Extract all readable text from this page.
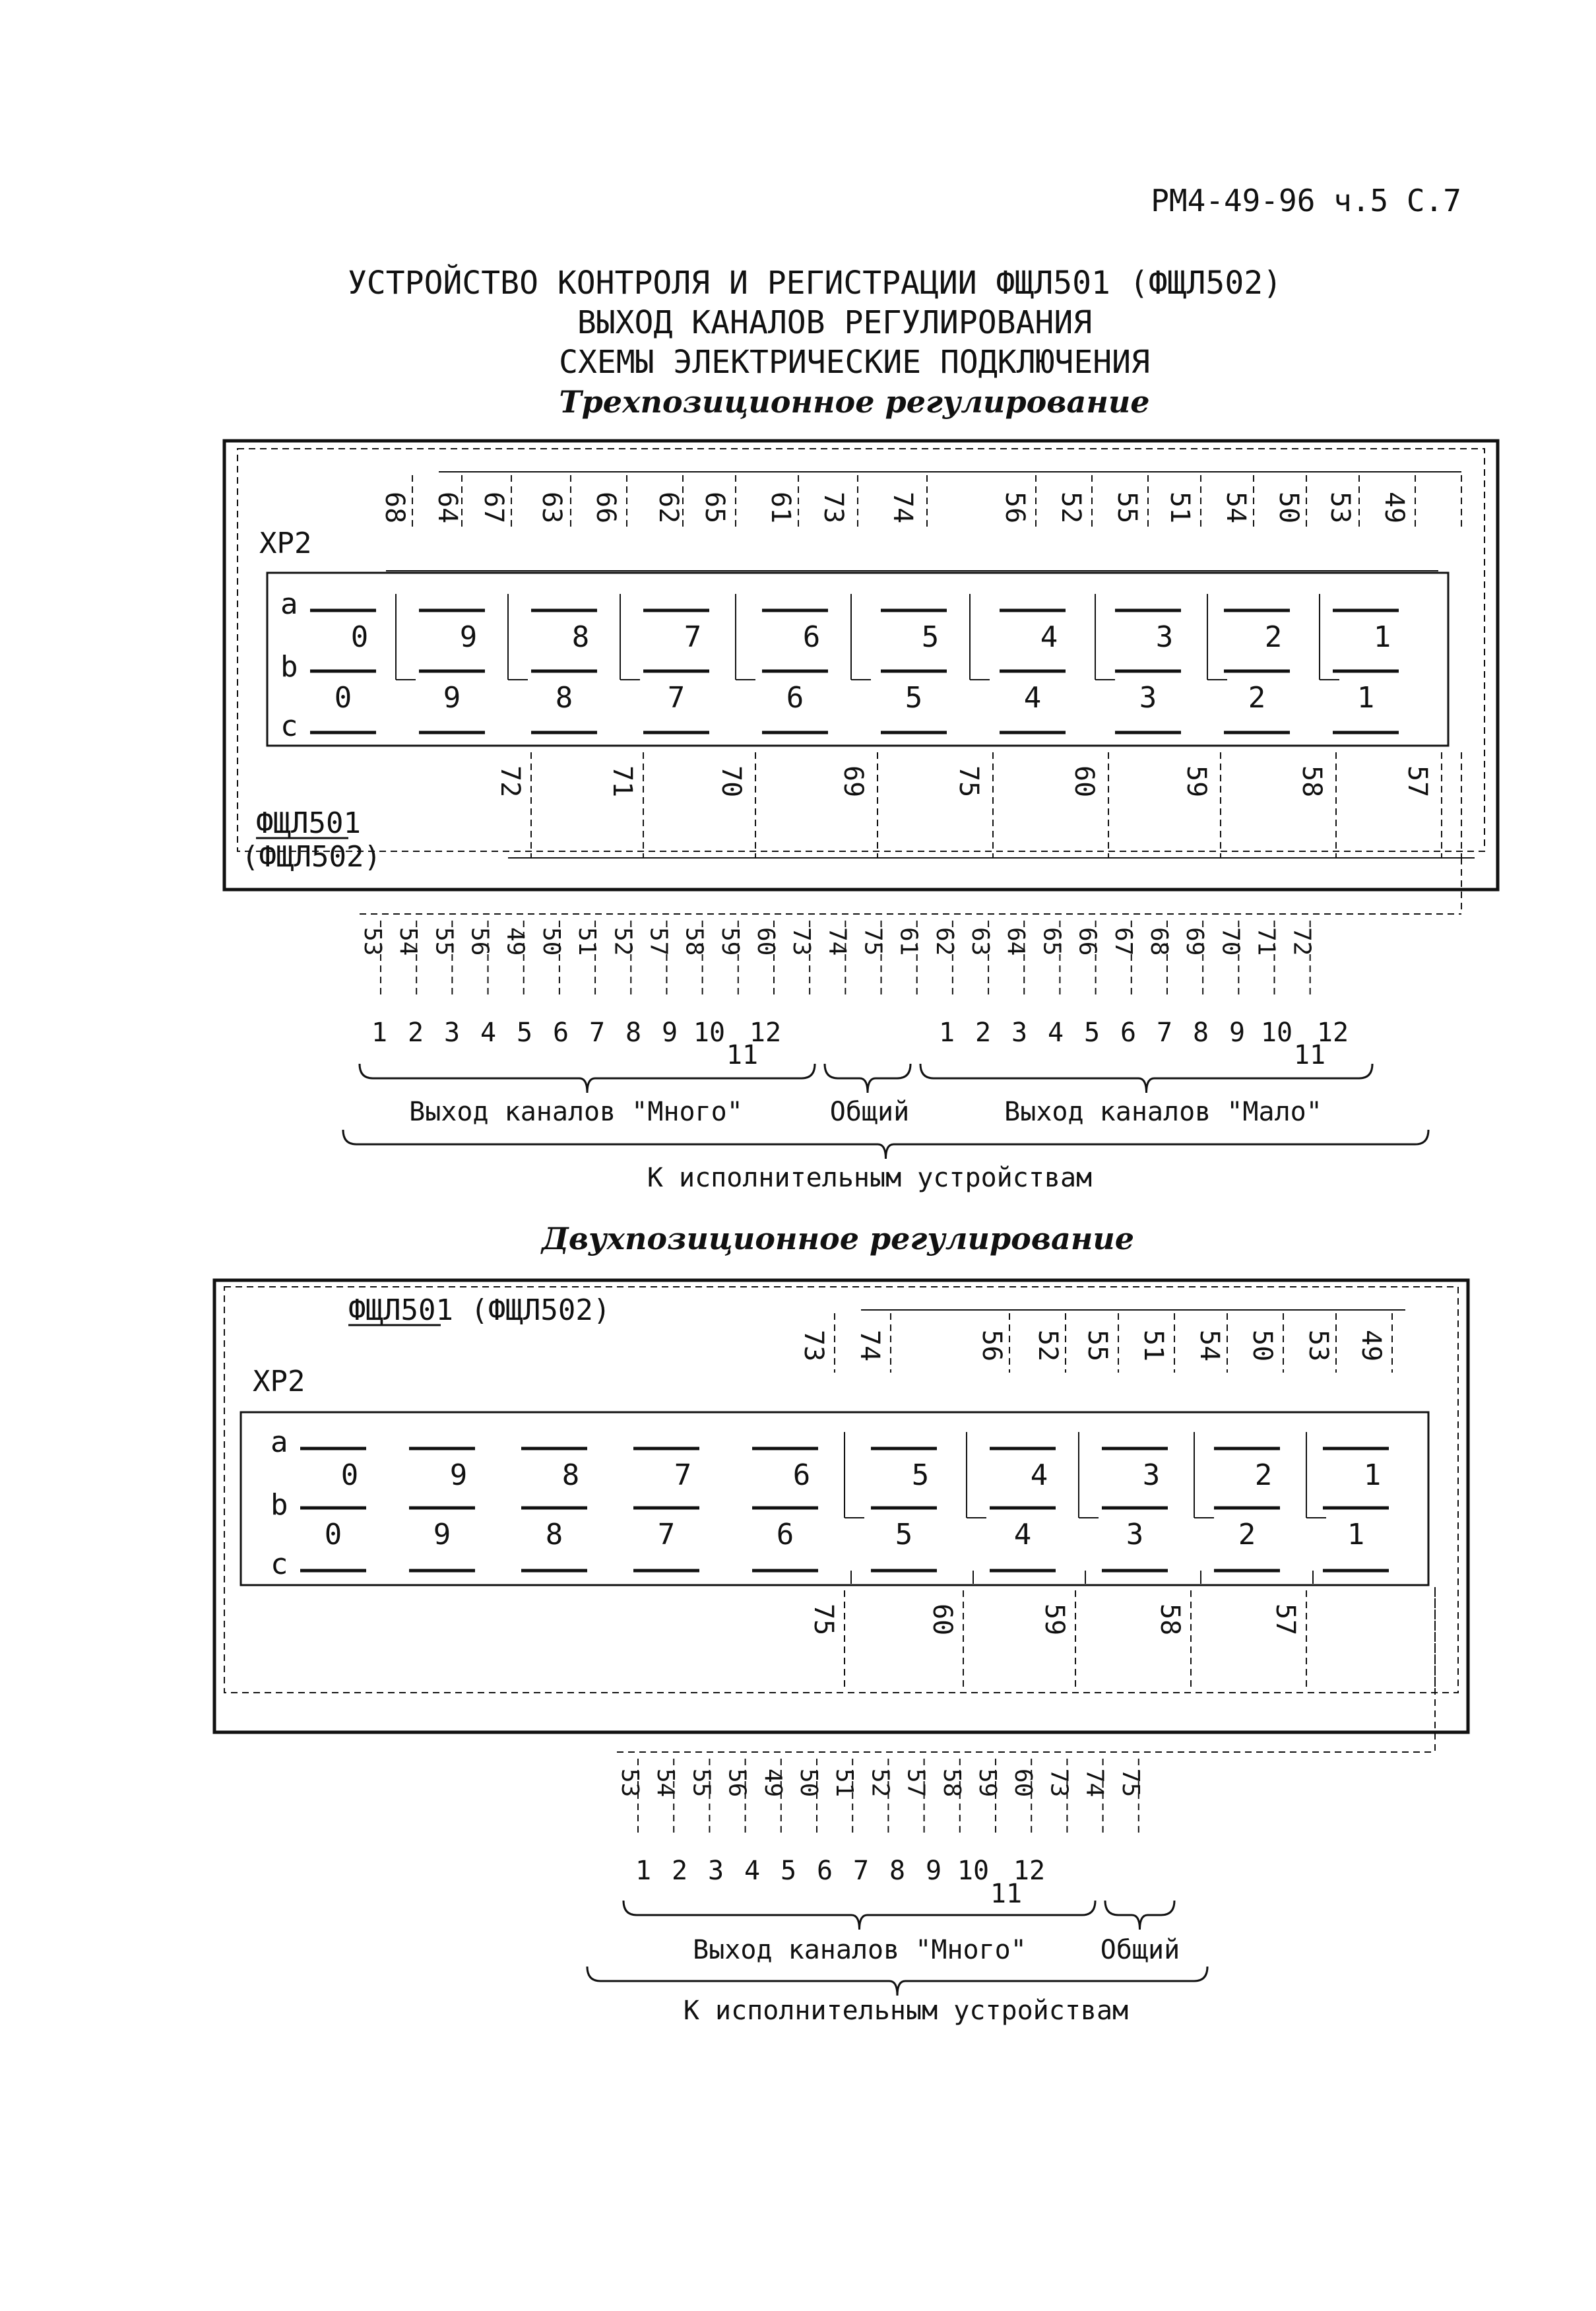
РМ4-49-96 ч.5 С.7
УСТРОЙСТВО КОНТРОЛЯ И РЕГИСТРАЦИИ ФЩЛ501 (ФЩЛ502)
ВЫХОД КАНАЛОВ РЕГУЛИРОВАНИЯ
СХЕМЫ ЭЛЕКТРИЧЕСКИЕ ПОДКЛЮЧЕНИЯ
Трехпозиционное регулирование
ХР2
ФЩЛ501
(ФЩЛ502)
a
b
c
68 64 67 63 66 62 65 61 73 74	56 52 55 51 54 50 53 49
0
0
9
9
8
8
7
7
6
6
5
5
4
4
3
3
2
2
1
1
72	71	70	69	75	60	59	58	57
53 54 55 56 49 50 51 52 57 58 59 60 73 74 75 61 62 63 64 65 66 67 68 69 70 71 72
1 2 3 4 5 6 7 8 9 10
11
12	1 2 3 4 5 6 7 8 9 10
11
12
Выход каналов "Много"	Общий	Выход каналов "Мало"
К исполнительным устройствам
Двухпозиционное регулирование
ФЩЛ501 (ФЩЛ502)
ХР2
a
b
c
73 74	56 52 55 51 54 50 53 49
0
0
9
9
8
8
7
7
6
6
5
5
4
4
3
3
2
2
1
1
75	60	59	58	57
53 54 55 56 49 50 51 52 57 58 59 60 73 74 75
1 2 3 4 5 6 7 8 9 10
11
12
Выход каналов "Много"	Общий
К исполнительным устройствам
